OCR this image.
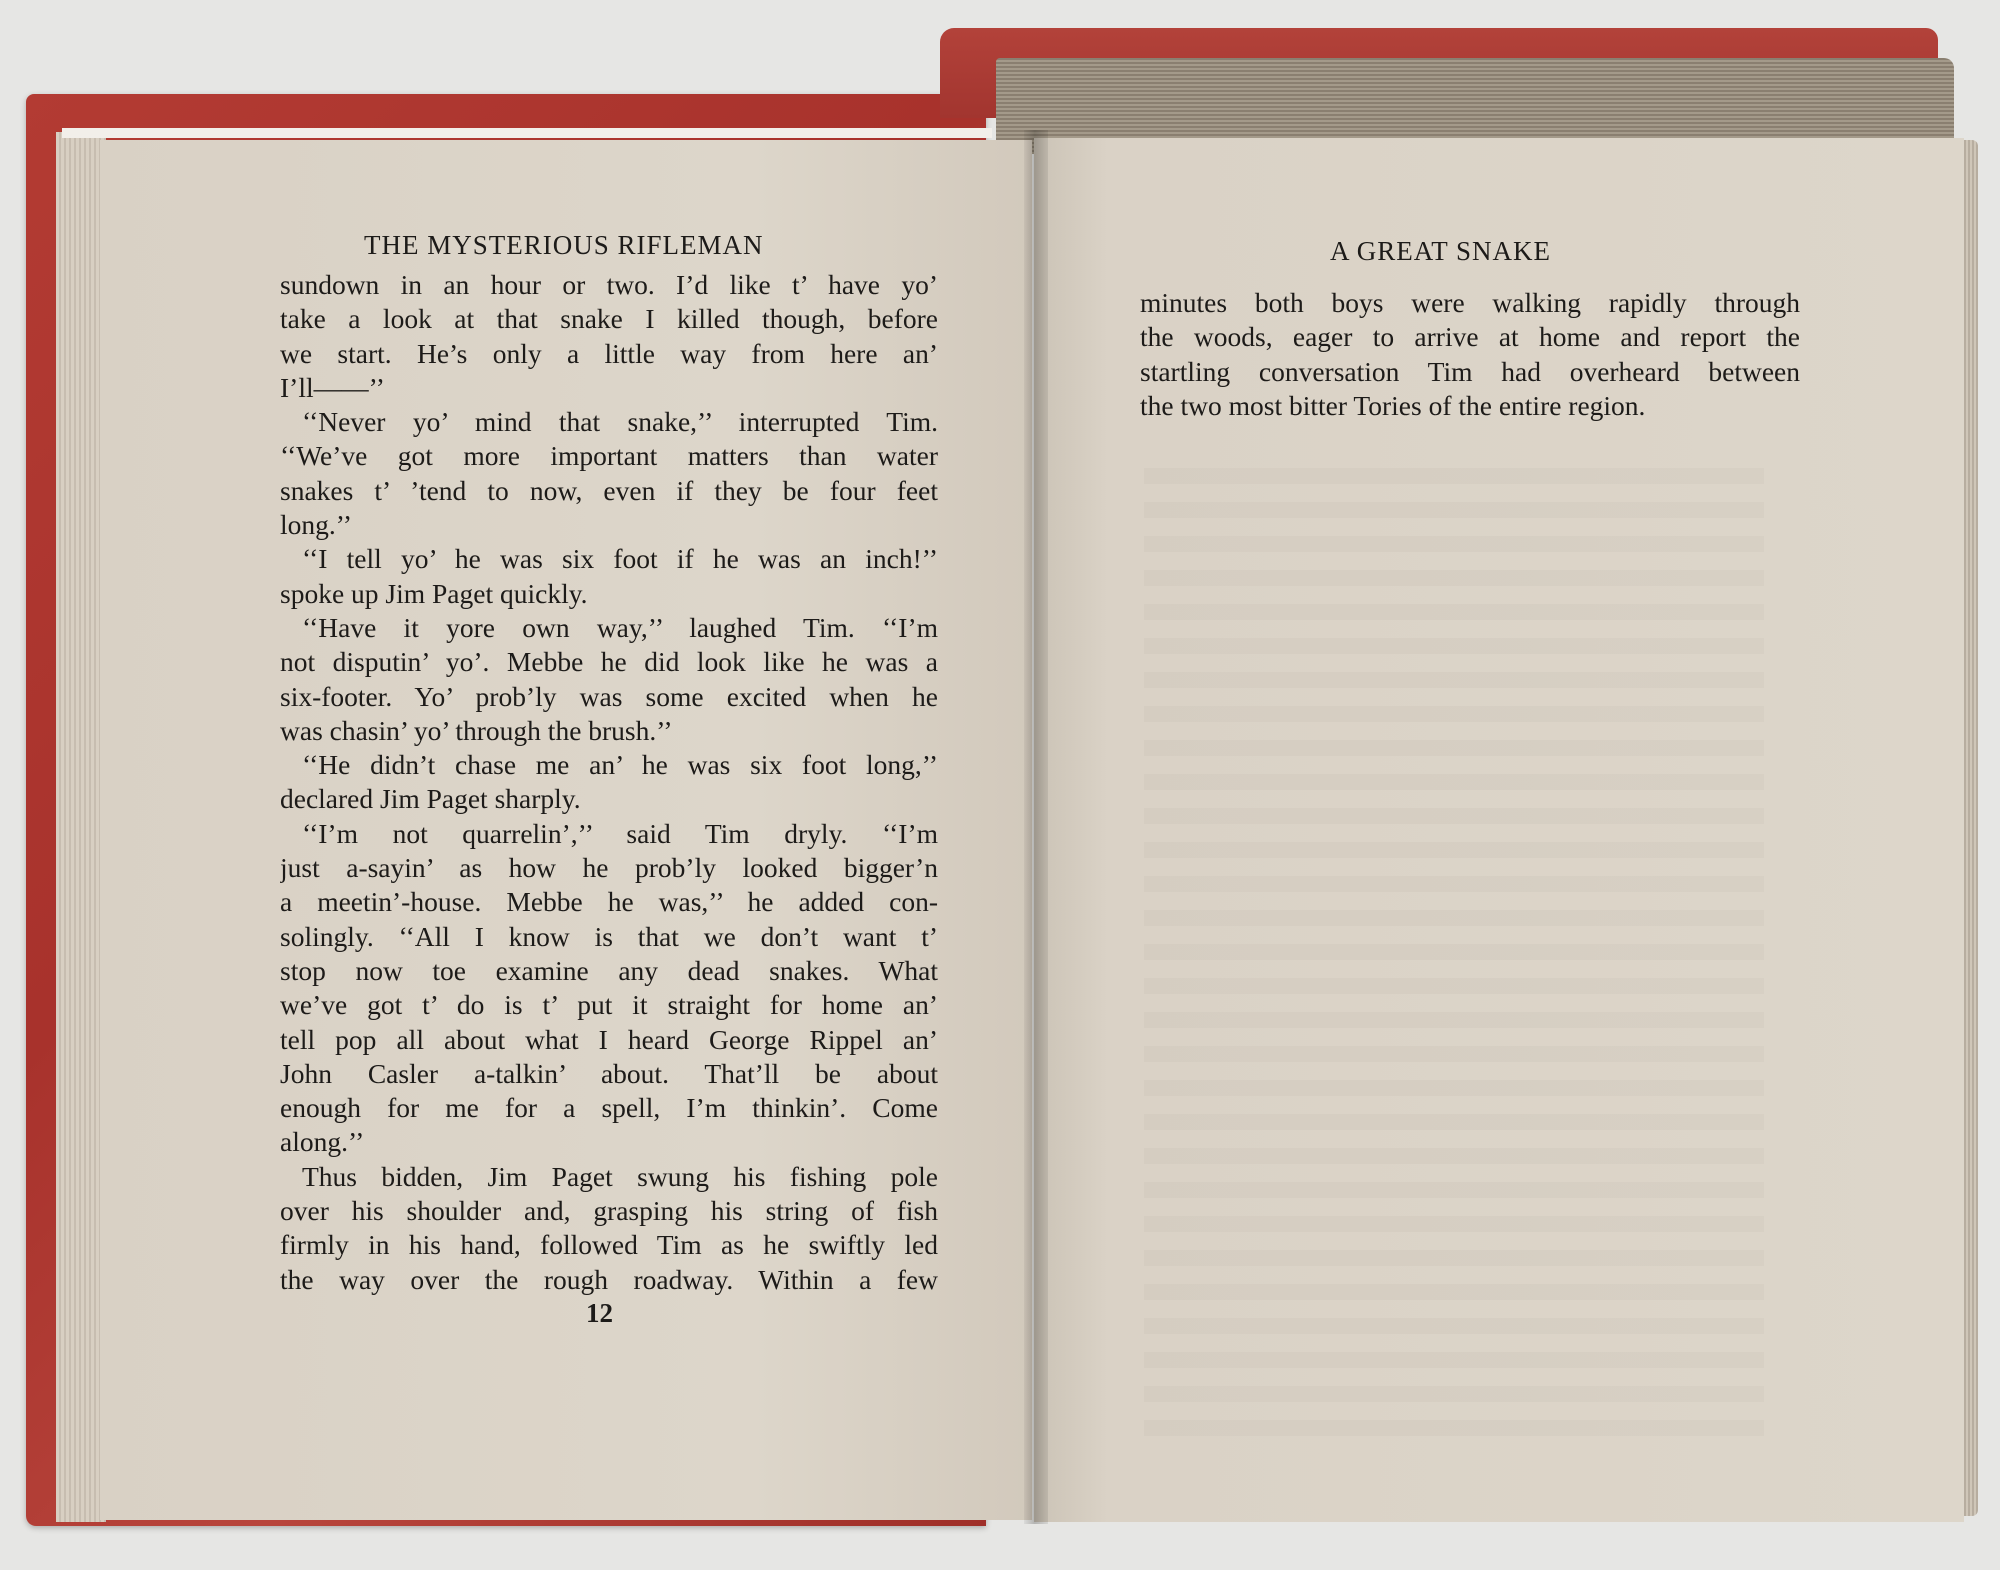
THE MYSTERIOUS RIFLEMAN
sundown in an hour or two. I’d like t’ have yo’
take a look at that snake I killed though, before
we start. He’s only a little way from here an’
I’ll——’’
‘‘Never yo’ mind that snake,’’ interrupted Tim.
‘‘We’ve got more important matters than water
snakes t’ ’tend to now, even if they be four feet
long.’’
‘‘I tell yo’ he was six foot if he was an inch!’’
spoke up Jim Paget quickly.
‘‘Have it yore own way,’’ laughed Tim. ‘‘I’m
not disputin’ yo’. Mebbe he did look like he was a
six-footer. Yo’ prob’ly was some excited when he
was chasin’ yo’ through the brush.’’
‘‘He didn’t chase me an’ he was six foot long,’’
declared Jim Paget sharply.
‘‘I’m not quarrelin’,’’ said Tim dryly. ‘‘I’m
just a-sayin’ as how he prob’ly looked bigger’n
a meetin’-house. Mebbe he was,’’ he added con-
solingly. ‘‘All I know is that we don’t want t’
stop now toe examine any dead snakes. What
we’ve got t’ do is t’ put it straight for home an’
tell pop all about what I heard George Rippel an’
John Casler a-talkin’ about. That’ll be about
enough for me for a spell, I’m thinkin’. Come
along.’’
Thus bidden, Jim Paget swung his fishing pole
over his shoulder and, grasping his string of fish
firmly in his hand, followed Tim as he swiftly led
the way over the rough roadway. Within a few
12
A GREAT SNAKE
minutes both boys were walking rapidly through
the woods, eager to arrive at home and report the
startling conversation Tim had overheard between
the two most bitter Tories of the entire region.
